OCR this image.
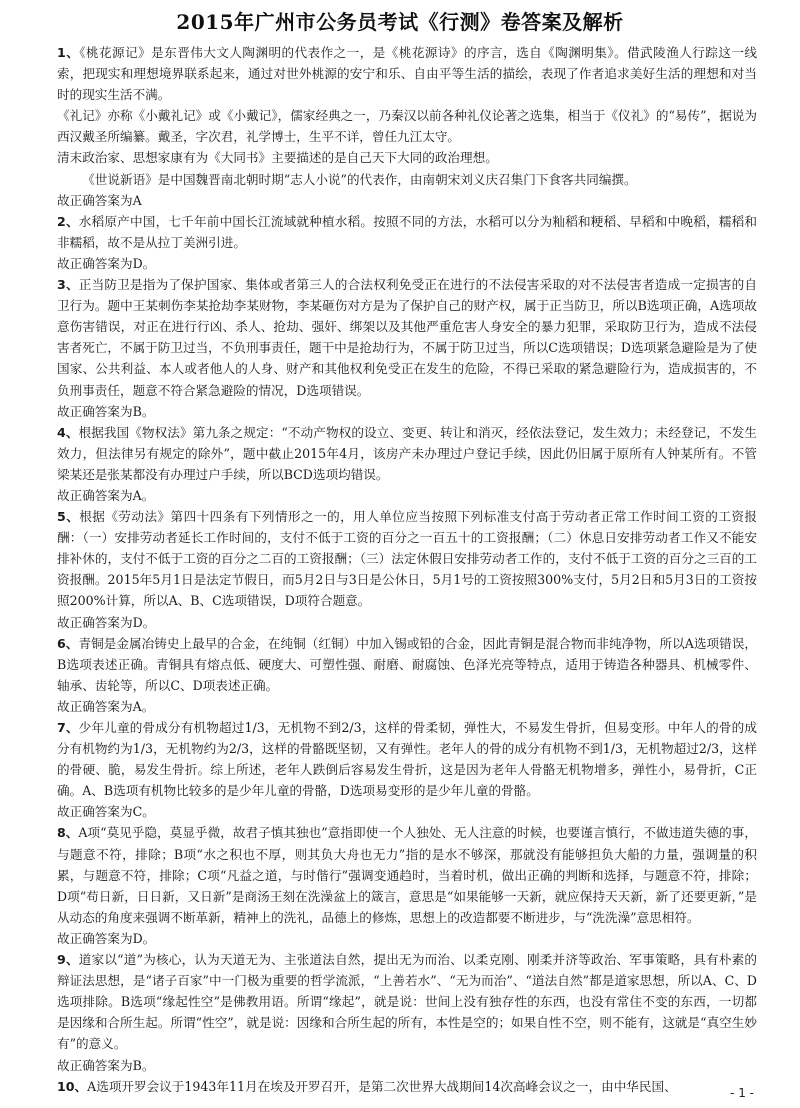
2015年广州市公务员考试《行测》卷答案及解析

1、《桃花源记》是东晋伟大文人陶渊明的代表作之一，是《桃花源诗》的序言，选自《陶渊明集》。借武陵渔人行踪这一线索，把现实和理想境界联系起来，通过对世外桃源的安宁和乐、自由平等生活的描绘，表现了作者追求美好生活的理想和对当时的现实生活不满。

《礼记》亦称《小戴礼记》或《小戴记》，儒家经典之一，乃秦汉以前各种礼仪论著之选集，相当于《仪礼》的“易传”，据说为西汉戴圣所编纂。戴圣，字次君，礼学博士，生平不详，曾任九江太守。

清末政治家、思想家康有为《大同书》主要描述的是自己天下大同的政治理想。

《世说新语》是中国魏晋南北朝时期“志人小说”的代表作，由南朝宋刘义庆召集门下食客共同编撰。

故正确答案为A

2、水稻原产中国，七千年前中国长江流域就种植水稻。按照不同的方法，水稻可以分为籼稻和粳稻、早稻和中晚稻，糯稻和非糯稻，故不是从拉丁美洲引进。

故正确答案为D。

3、正当防卫是指为了保护国家、集体或者第三人的合法权利免受正在进行的不法侵害采取的对不法侵害者造成一定损害的自卫行为。题中王某刺伤李某抢劫李某财物，李某砸伤对方是为了保护自己的财产权，属于正当防卫，所以B选项正确，A选项故意伤害错误，对正在进行行凶、杀人、抢劫、强奸、绑架以及其他严重危害人身安全的暴力犯罪，采取防卫行为，造成不法侵害者死亡，不属于防卫过当，不负刑事责任，题干中是抢劫行为，不属于防卫过当，所以C选项错误；D选项紧急避险是为了使国家、公共利益、本人或者他人的人身、财产和其他权利免受正在发生的危险，不得已采取的紧急避险行为，造成损害的，不负刑事责任，题意不符合紧急避险的情况，D选项错误。

故正确答案为B。

4、根据我国《物权法》第九条之规定：“不动产物权的设立、变更、转让和消灭，经依法登记，发生效力；未经登记，不发生效力，但法律另有规定的除外”，题中截止2015年4月，该房产未办理过户登记手续，因此仍旧属于原所有人钟某所有。不管梁某还是张某都没有办理过户手续，所以BCD选项均错误。

故正确答案为A。

5、根据《劳动法》第四十四条有下列情形之一的，用人单位应当按照下列标准支付高于劳动者正常工作时间工资的工资报酬：（一）安排劳动者延长工作时间的，支付不低于工资的百分之一百五十的工资报酬；（二）休息日安排劳动者工作又不能安排补休的，支付不低于工资的百分之二百的工资报酬；（三）法定休假日安排劳动者工作的，支付不低于工资的百分之三百的工资报酬。2015年5月1日是法定节假日，而5月2日与3日是公休日，5月1号的工资按照300%支付，5月2日和5月3日的工资按照200%计算，所以A、B、C选项错误，D项符合题意。

故正确答案为D。

6、青铜是金属冶铸史上最早的合金，在纯铜（红铜）中加入锡或铅的合金，因此青铜是混合物而非纯净物，所以A选项错误，B选项表述正确。青铜具有熔点低、硬度大、可塑性强、耐磨、耐腐蚀、色泽光亮等特点，适用于铸造各种器具、机械零件、轴承、齿轮等，所以C、D项表述正确。

故正确答案为A。

7、少年儿童的骨成分有机物超过1/3，无机物不到2/3，这样的骨柔韧，弹性大，不易发生骨折，但易变形。中年人的骨的成分有机物约为1/3，无机物约为2/3，这样的骨骼既坚韧，又有弹性。老年人的骨的成分有机物不到1/3，无机物超过2/3，这样的骨硬、脆，易发生骨折。综上所述，老年人跌倒后容易发生骨折，这是因为老年人骨骼无机物增多，弹性小，易骨折，C正确。A、B选项有机物比较多的是少年儿童的骨骼，D选项易变形的是少年儿童的骨骼。

故正确答案为C。

8、A项“莫见乎隐，莫显乎微，故君子慎其独也”意指即使一个人独处、无人注意的时候，也要谨言慎行，不做违道失德的事，与题意不符，排除；B项“水之积也不厚，则其负大舟也无力”指的是水不够深，那就没有能够担负大船的力量，强调量的积累，与题意不符，排除；C项“凡益之道，与时偕行”强调变通趋时，当着时机，做出正确的判断和选择，与题意不符，排除；D项“苟日新，日日新，又日新”是商汤王刻在洗澡盆上的箴言，意思是“如果能够一天新，就应保持天天新，新了还要更新，”是从动态的角度来强调不断革新，精神上的洗礼，品德上的修炼，思想上的改造都要不断进步，与“洗洗澡”意思相符。

故正确答案为D。

9、道家以“道”为核心，认为天道无为、主张道法自然，提出无为而治、以柔克刚、刚柔并济等政治、军事策略，具有朴素的辩证法思想，是“诸子百家”中一门极为重要的哲学流派，“上善若水”、“无为而治”、“道法自然”都是道家思想，所以A、C、D选项排除。B选项“缘起性空”是佛教用语。所谓“缘起”，就是说：世间上没有独存性的东西，也没有常住不变的东西，一切都是因缘和合所生起。所谓“性空”，就是说：因缘和合所生起的所有，本性是空的；如果自性不空，则不能有，这就是“真空生妙有”的意义。

故正确答案为B。

10、A选项开罗会议于1943年11月在埃及开罗召开，是第二次世界大战期间14次高峰会议之一，由中华民国、	- 1 -
